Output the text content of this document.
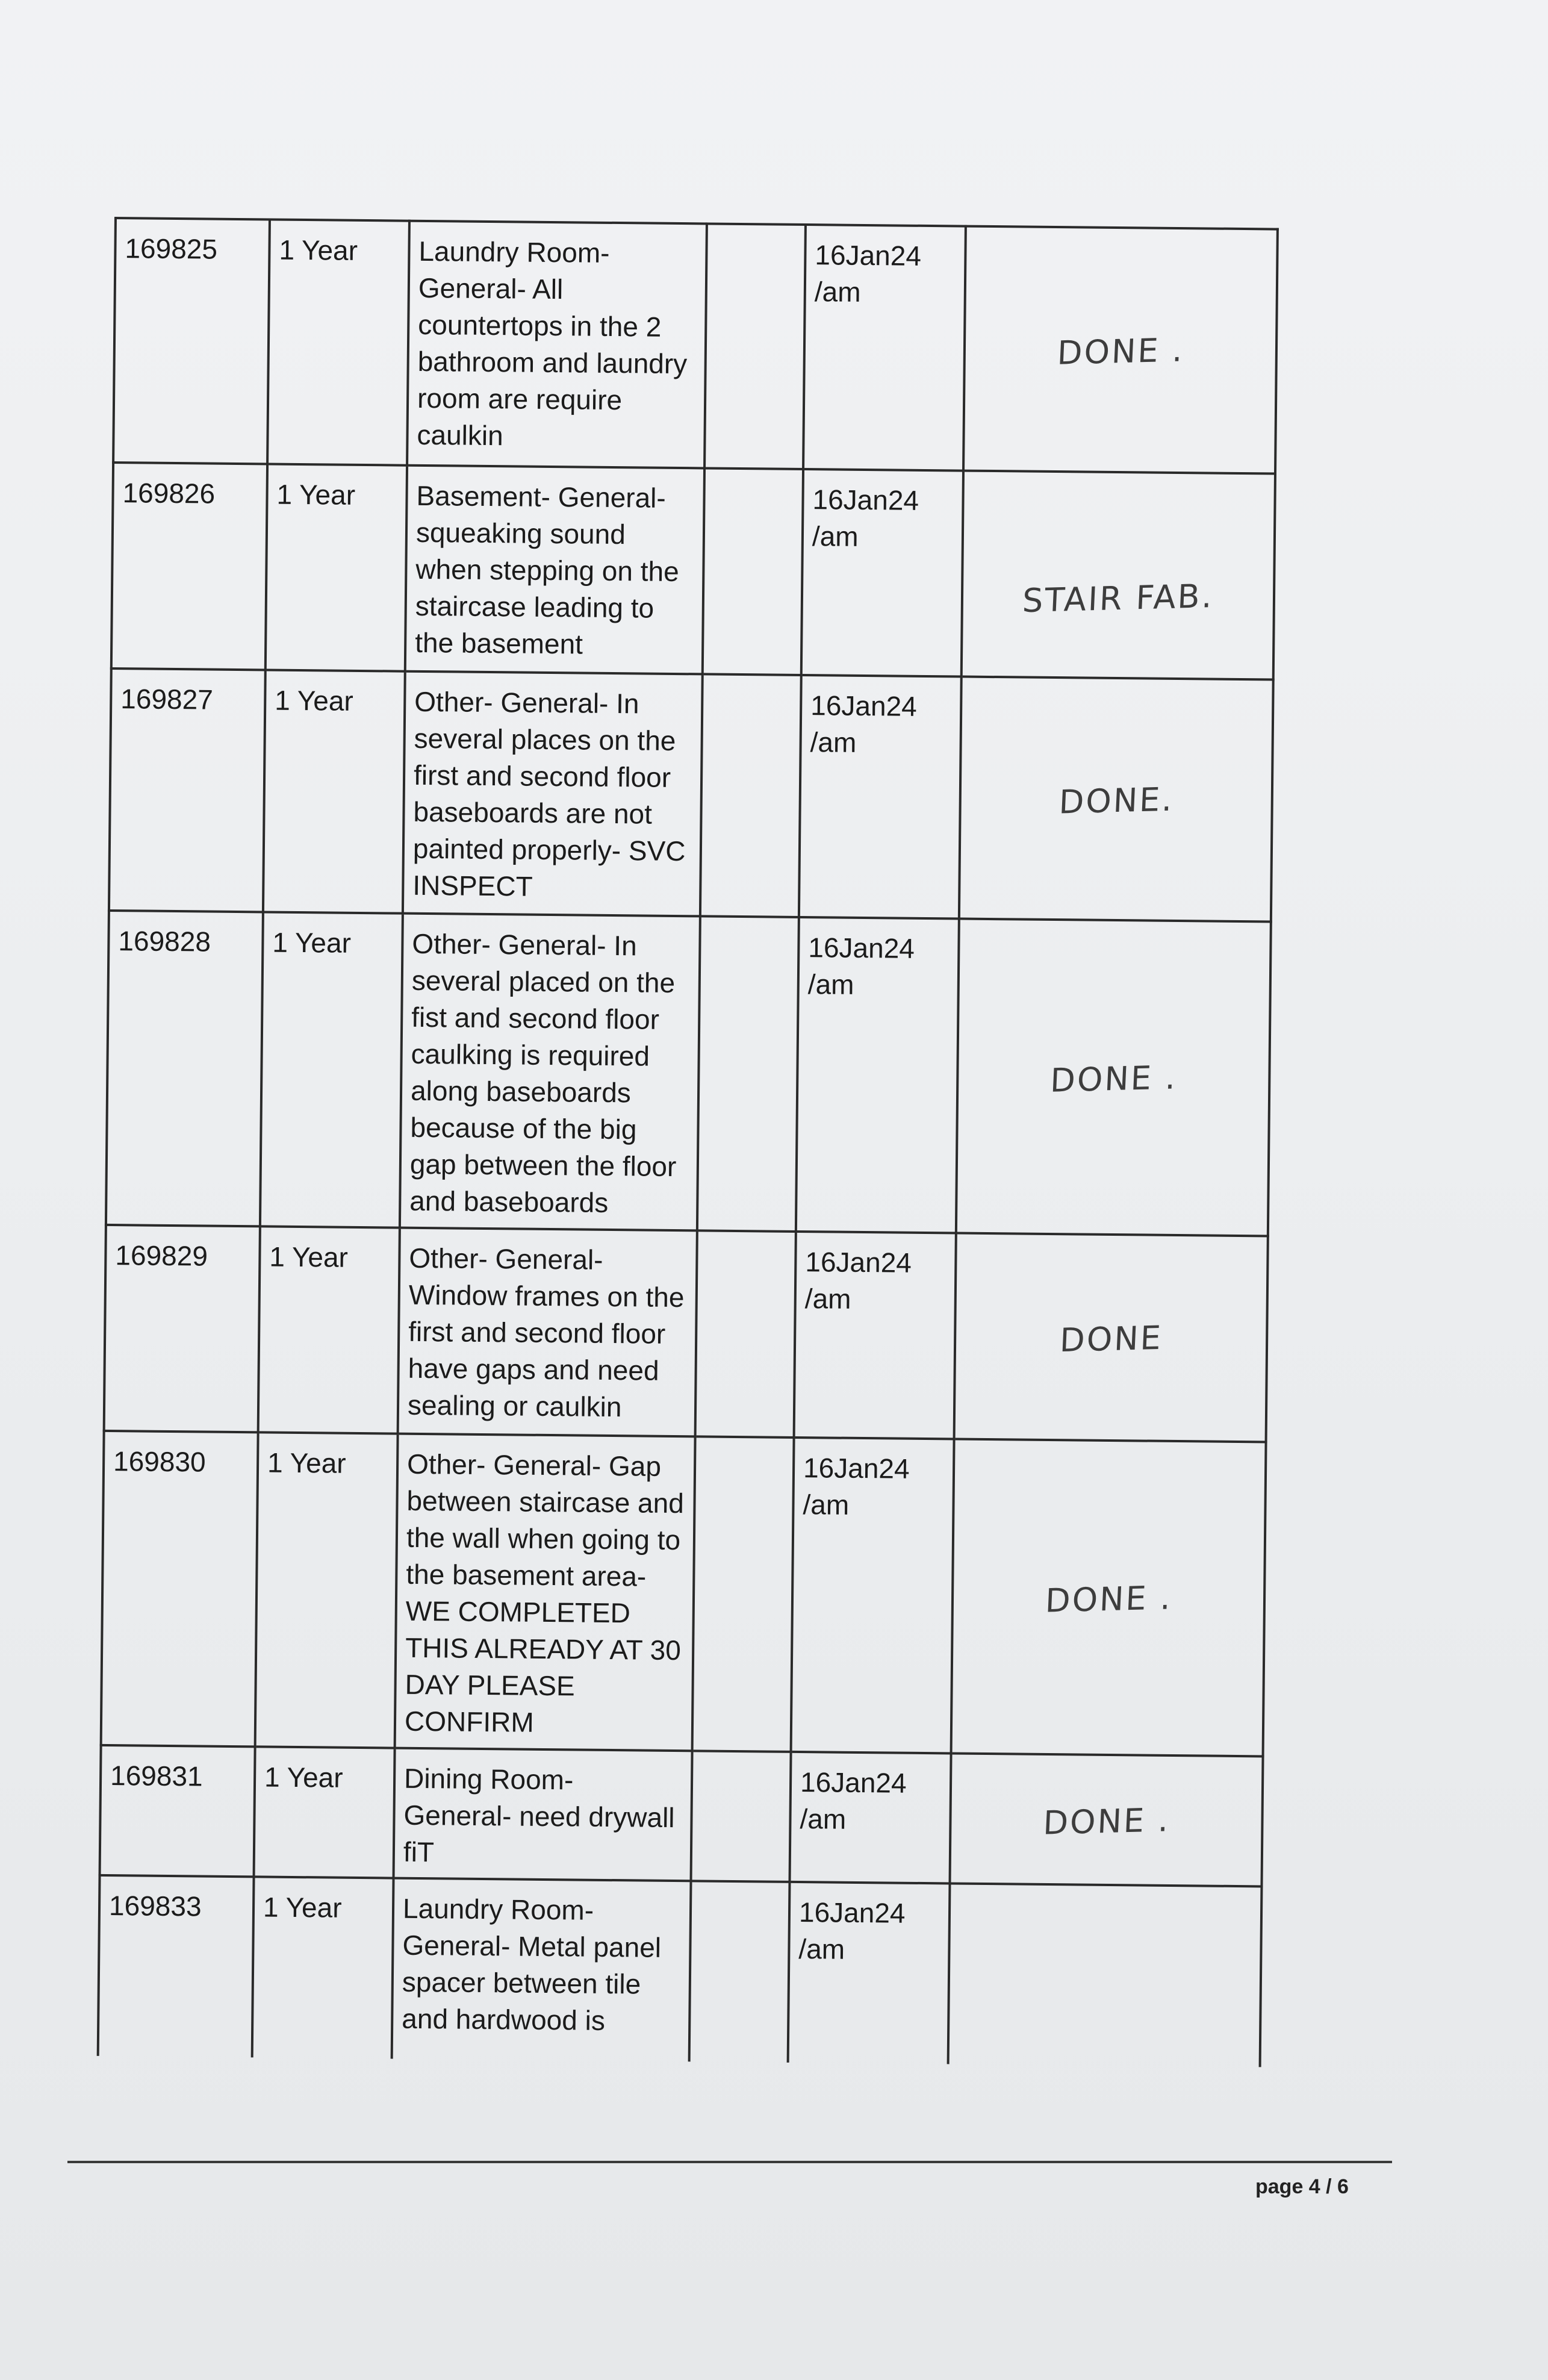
169825	1 Year	Laundry Room- General- All countertops in the 2 bathroom and laundry room are require caulkin		16Jan24 /am	DONE .
169826	1 Year	Basement- General- squeaking sound when stepping on the staircase leading to the basement		16Jan24 /am	STAIR FAB.
169827	1 Year	Other- General- In several places on the first and second floor baseboards are not painted properly- SVC INSPECT		16Jan24 /am	DONE.
169828	1 Year	Other- General- In several placed on the fist and second floor caulking is required along baseboards because of the big gap between the floor and baseboards		16Jan24 /am	DONE .
169829	1 Year	Other- General- Window frames on the first and second floor have gaps and need sealing or caulkin		16Jan24 /am	DONE
169830	1 Year	Other- General- Gap between staircase and the wall when going to the basement area- WE COMPLETED THIS ALREADY AT 30 DAY PLEASE CONFIRM		16Jan24 /am	DONE .
169831	1 Year	Dining Room- General- need drywall fiT		16Jan24 /am	DONE .
169833	1 Year	Laundry Room- General- Metal panel spacer between tile and hardwood is		16Jan24 /am	
page 4 / 6
